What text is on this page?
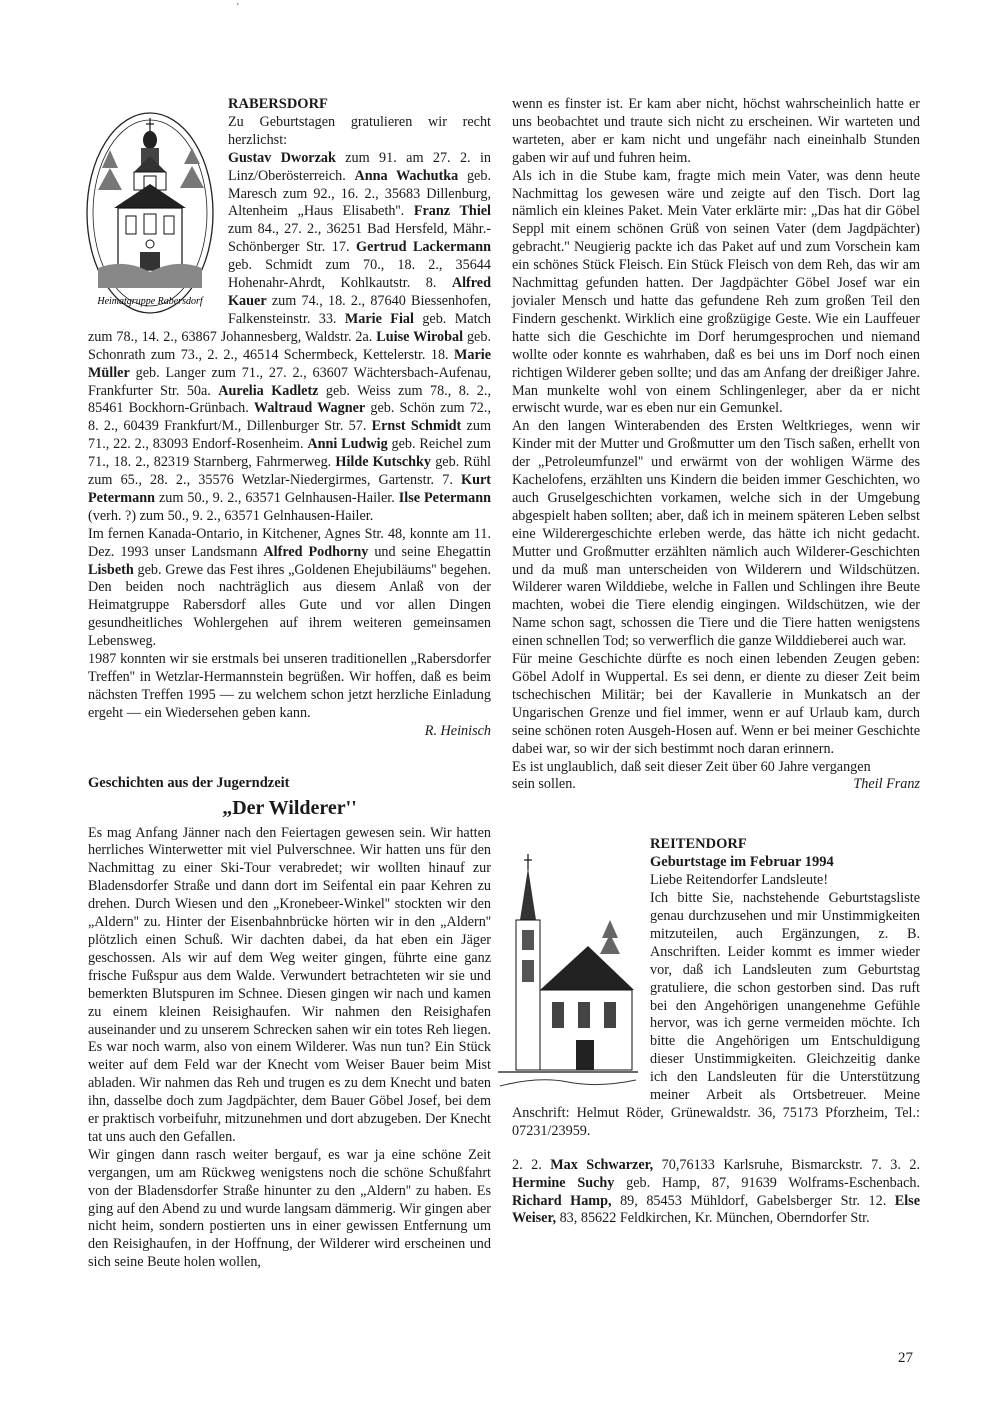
'
Heimatgruppe Rabersdorf
RABERSDORF

Zu Geburtstagen gratulieren wir recht herzlichst:

Gustav Dworzak zum 91. am 27. 2. in Linz/Oberösterreich. Anna Wachutka geb. Maresch zum 92., 16. 2., 35683 Dillenburg, Altenheim „Haus Elisabeth''. Franz Thiel zum 84., 27. 2., 36251 Bad Hersfeld, Mähr.-Schönberger Str. 17. Gertrud Lackermann geb. Schmidt zum 70., 18. 2., 35644 Hohenahr-Ahrdt, Kohlkautstr. 8. Alfred Kauer zum 74., 18. 2., 87640 Biessenhofen, Falkensteinstr. 33. Marie Fial geb. Match zum 78., 14. 2., 63867 Johannesberg, Waldstr. 2a. Luise Wirobal geb. Schonrath zum 73., 2. 2., 46514 Schermbeck, Kettelerstr. 18. Marie Müller geb. Langer zum 71., 27. 2., 63607 Wächtersbach-Aufenau, Frankfurter Str. 50a. Aurelia Kadletz geb. Weiss zum 78., 8. 2., 85461 Bockhorn-Grünbach. Waltraud Wagner geb. Schön zum 72., 8. 2., 60439 Frankfurt/M., Dillenburger Str. 57. Ernst Schmidt zum 71., 22. 2., 83093 Endorf-Rosenheim. Anni Ludwig geb. Reichel zum 71., 18. 2., 82319 Starnberg, Fahrmerweg. Hilde Kutschky geb. Rühl zum 65., 28. 2., 35576 Wetzlar-Niedergirmes, Gartenstr. 7. Kurt Petermann zum 50., 9. 2., 63571 Gelnhausen-Hailer. Ilse Petermann (verh. ?) zum 50., 9. 2., 63571 Gelnhausen-Hailer.

Im fernen Kanada-Ontario, in Kitchener, Agnes Str. 48, konnte am 11. Dez. 1993 unser Landsmann Alfred Podhorny und seine Ehegattin Lisbeth geb. Grewe das Fest ihres „Goldenen Ehejubiläums'' begehen. Den beiden noch nachträglich aus diesem Anlaß von der Heimatgruppe Rabersdorf alles Gute und vor allen Dingen gesundheitliches Wohlergehen auf ihrem weiteren gemeinsamen Lebensweg.

1987 konnten wir sie erstmals bei unseren traditionellen „Rabersdorfer Treffen'' in Wetzlar-Hermannstein begrüßen. Wir hoffen, daß es beim nächsten Treffen 1995 — zu welchem schon jetzt herzliche Einladung ergeht — ein Wiedersehen geben kann.

R. Heinisch

Geschichten aus der Jugerndzeit
„Der Wilderer''

Es mag Anfang Jänner nach den Feiertagen gewesen sein. Wir hatten herrliches Winterwetter mit viel Pulverschnee. Wir hatten uns für den Nachmittag zu einer Ski-Tour verabredet; wir wollten hinauf zur Bladensdorfer Straße und dann dort im Seifental ein paar Kehren zu drehen. Durch Wiesen und den „Kronebeer-Winkel'' stockten wir den „Aldern'' zu. Hinter der Eisenbahnbrücke hörten wir in den „Aldern'' plötzlich einen Schuß. Wir dachten dabei, da hat eben ein Jäger geschossen. Als wir auf dem Weg weiter gingen, führte eine ganz frische Fußspur aus dem Walde. Verwundert betrachteten wir sie und bemerkten Blutspuren im Schnee. Diesen gingen wir nach und kamen zu einem kleinen Reisighaufen. Wir nahmen den Reisighafen auseinander und zu unserem Schrecken sahen wir ein totes Reh liegen. Es war noch warm, also von einem Wilderer. Was nun tun? Ein Stück weiter auf dem Feld war der Knecht vom Weiser Bauer beim Mist abladen. Wir nahmen das Reh und trugen es zu dem Knecht und baten ihn, dasselbe doch zum Jagdpächter, dem Bauer Göbel Josef, bei dem er praktisch vorbeifuhr, mitzunehmen und dort abzugeben. Der Knecht tat uns auch den Gefallen.

Wir gingen dann rasch weiter bergauf, es war ja eine schöne Zeit vergangen, um am Rückweg wenigstens noch die schöne Schußfahrt von der Bladensdorfer Straße hinunter zu den „Aldern'' zu haben. Es ging auf den Abend zu und wurde langsam dämmerig. Wir gingen aber nicht heim, sondern postierten uns in einer gewissen Entfernung um den Reisighaufen, in der Hoffnung, der Wilderer wird erscheinen und sich seine Beute holen wollen,

wenn es finster ist. Er kam aber nicht, höchst wahrscheinlich hatte er uns beobachtet und traute sich nicht zu erscheinen. Wir warteten und warteten, aber er kam nicht und ungefähr nach eineinhalb Stunden gaben wir auf und fuhren heim.

Als ich in die Stube kam, fragte mich mein Vater, was denn heute Nachmittag los gewesen wäre und zeigte auf den Tisch. Dort lag nämlich ein kleines Paket. Mein Vater erklärte mir: „Das hat dir Göbel Seppl mit einem schönen Grüß von seinen Vater (dem Jagdpächter) gebracht.'' Neugierig packte ich das Paket auf und zum Vorschein kam ein schönes Stück Fleisch. Ein Stück Fleisch von dem Reh, das wir am Nachmittag gefunden hatten. Der Jagdpächter Göbel Josef war ein jovialer Mensch und hatte das gefundene Reh zum großen Teil den Findern geschenkt. Wirklich eine großzügige Geste. Wie ein Lauffeuer hatte sich die Geschichte im Dorf herumgesprochen und niemand wollte oder konnte es wahrhaben, daß es bei uns im Dorf noch einen richtigen Wilderer geben sollte; und das am Anfang der dreißiger Jahre. Man munkelte wohl von einem Schlingenleger, aber da er nicht erwischt wurde, war es eben nur ein Gemunkel.

An den langen Winterabenden des Ersten Weltkrieges, wenn wir Kinder mit der Mutter und Großmutter um den Tisch saßen, erhellt von der „Petroleumfunzel'' und erwärmt von der wohligen Wärme des Kachelofens, erzählten uns Kindern die beiden immer Geschichten, wo auch Gruselgeschichten vorkamen, welche sich in der Umgebung abgespielt haben sollten; aber, daß ich in meinem späteren Leben selbst eine Wilderergeschichte erleben werde, das hätte ich nicht gedacht. Mutter und Großmutter erzählten nämlich auch Wilderer-Geschichten und da muß man unterscheiden von Wilderern und Wildschützen. Wilderer waren Wilddiebe, welche in Fallen und Schlingen ihre Beute machten, wobei die Tiere elendig eingingen. Wildschützen, wie der Name schon sagt, schossen die Tiere und die Tiere hatten wenigstens einen schnellen Tod; so verwerflich die ganze Wilddieberei auch war.

Für meine Geschichte dürfte es noch einen lebenden Zeugen geben: Göbel Adolf in Wuppertal. Es sei denn, er diente zu dieser Zeit beim tschechischen Militär; bei der Kavallerie in Munkatsch an der Ungarischen Grenze und fiel immer, wenn er auf Urlaub kam, durch seine schönen roten Ausgeh-Hosen auf. Wenn er bei meiner Geschichte dabei war, so wir der sich bestimmt noch daran erinnern.

Es ist unglaublich, daß seit dieser Zeit über 60 Jahre vergangen

sein sollen.	Theil Franz
REITENDORF
Geburtstage im Februar 1994

Liebe Reitendorfer Landsleute!

Ich bitte Sie, nachstehende Geburtstagsliste genau durchzusehen und mir Unstimmigkeiten mitzuteilen, auch Ergänzungen, z. B. Anschriften. Leider kommt es immer wieder vor, daß ich Landsleuten zum Geburtstag gratuliere, die schon gestorben sind. Das ruft bei den Angehörigen unangenehme Gefühle hervor, was ich gerne vermeiden möchte. Ich bitte die Angehörigen um Entschuldigung dieser Unstimmigkeiten. Gleichzeitig danke ich den Landsleuten für die Unterstützung meiner Arbeit als Ortsbetreuer. Meine Anschrift: Helmut Röder, Grünewaldstr. 36, 75173 Pforzheim, Tel.: 07231/23959.

2. 2. Max Schwarzer, 70,76133 Karlsruhe, Bismarckstr. 7. 3. 2. Hermine Suchy geb. Hamp, 87, 91639 Wolframs-Eschenbach. Richard Hamp, 89, 85453 Mühldorf, Gabelsberger Str. 12. Else Weiser, 83, 85622 Feldkirchen, Kr. München, Oberndorfer Str.

27
